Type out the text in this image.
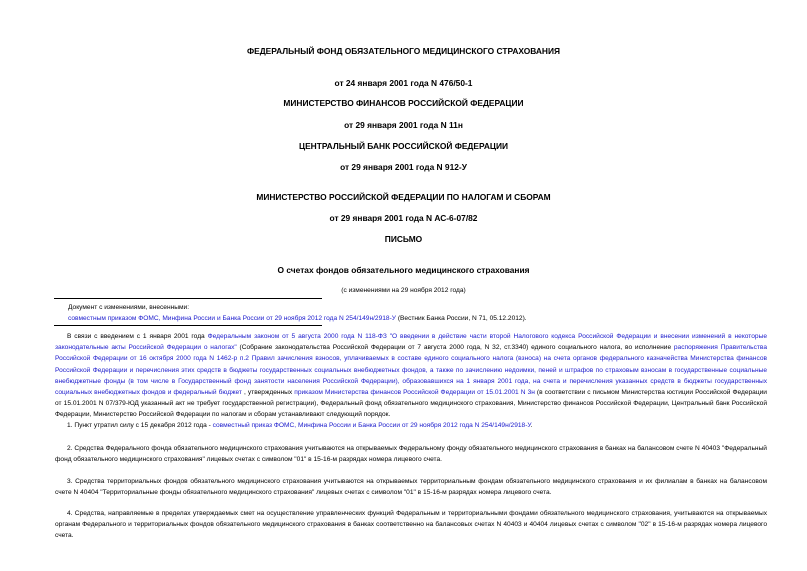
ФЕДЕРАЛЬНЫЙ ФОНД ОБЯЗАТЕЛЬНОГО МЕДИЦИНСКОГО СТРАХОВАНИЯ
от 24 января 2001 года N 476/50-1
МИНИСТЕРСТВО ФИНАНСОВ РОССИЙСКОЙ ФЕДЕРАЦИИ
от 29 января 2001 года N 11н
ЦЕНТРАЛЬНЫЙ БАНК РОССИЙСКОЙ ФЕДЕРАЦИИ
от 29 января 2001 года N 912-У
МИНИСТЕРСТВО РОССИЙСКОЙ ФЕДЕРАЦИИ ПО НАЛОГАМ И СБОРАМ
от 29 января 2001 года N АС-6-07/82
ПИСЬМО
О счетах фондов обязательного медицинского страхования
(с изменениями на 29 ноября 2012 года)
Документ с изменениями, внесенными:
совместным приказом ФОМС, Минфина России и Банка России от 29 ноября 2012 года N 254/149н/2918-У (Вестник Банка России, N 71, 05.12.2012).
В связи с введением с 1 января 2001 года Федеральным законом от 5 августа 2000 года N 118-ФЗ "О введении в действие части второй Налогового кодекса Российской Федерации и внесении изменений в некоторые законодательные акты Российской Федерации о налогах" (Собрание законодательства Российской Федерации от 7 августа 2000 года, N 32, ст.3340) единого социального налога, во исполнение распоряжения Правительства Российской Федерации от 16 октября 2000 года N 1462-р п.2 Правил зачисления взносов, уплачиваемых в составе единого социального налога (взноса) на счета органов федерального казначейства Министерства финансов Российской Федерации и перечисления этих средств в бюджеты государственных социальных внебюджетных фондов, а также по зачислению недоимки, пеней и штрафов по страховым взносам в государственные социальные внебюджетные фонды (в том числе в Государственный фонд занятости населения Российской Федерации), образовавшихся на 1 января 2001 года, на счета и перечисления указанных средств в бюджеты государственных социальных внебюджетных фондов и федеральный бюджет , утвержденных приказом Министерства финансов Российской Федерации от 15.01.2001 N 3н (в соответствии с письмом Министерства юстиции Российской Федерации от 15.01.2001 N 07/379-ЮД указанный акт не требует государственной регистрации), Федеральный фонд обязательного медицинского страхования, Министерство финансов Российской Федерации, Центральный банк Российской Федерации, Министерство Российской Федерации по налогам и сборам устанавливают следующий порядок.
1. Пункт утратил силу с 15 декабря 2012 года - совместный приказ ФОМС, Минфина России и Банка России от 29 ноября 2012 года N 254/149н/2918-У.
2. Средства Федерального фонда обязательного медицинского страхования учитываются на открываемых Федеральному фонду обязательного медицинского страхования в банках на балансовом счете N 40403 "Федеральный фонд обязательного медицинского страхования" лицевых счетах с символом "01" в 15-16-м разрядах номера лицевого счета.
3. Средства территориальных фондов обязательного медицинского страхования учитываются на открываемых территориальным фондам обязательного медицинского страхования и их филиалам в банках на балансовом счете N 40404 "Территориальные фонды обязательного медицинского страхования" лицевых счетах с символом "01" в 15-16-м разрядах номера лицевого счета.
4. Средства, направляемые в пределах утверждаемых смет на осуществление управленческих функций Федеральным и территориальными фондами обязательного медицинского страхования, учитываются на открываемых органам Федерального и территориальных фондов обязательного медицинского страхования в банках соответственно на балансовых счетах N 40403 и 40404 лицевых счетах с символом "02" в 15-16-м разрядах номера лицевого счета.
